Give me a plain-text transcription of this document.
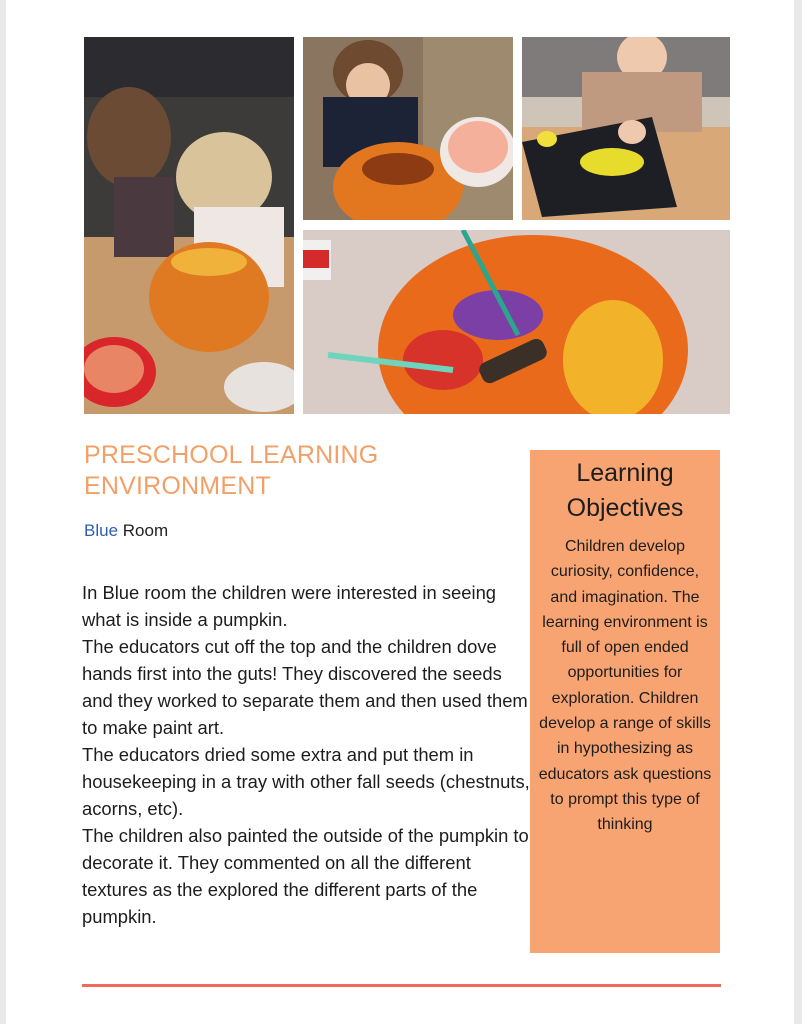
PRESCHOOL LEARNING ENVIRONMENT
Blue Room

In Blue room the children were interested in seeing what is inside a pumpkin.

The educators cut off the top and the children dove hands first into the guts! They discovered the seeds and they worked to separate them and then used them to make paint art.

The educators dried some extra and put them in housekeeping in a tray with other fall seeds (chestnuts, acorns, etc).

The children also painted the outside of the pumpkin to decorate it. They commented on all the different textures as the explored the different parts of the pumpkin.

Learning Objectives
Children develop curiosity, confidence, and imagination. The learning environment is full of open ended opportunities for exploration. Children develop a range of skills in hypothesizing as educators ask questions to prompt this type of thinking
